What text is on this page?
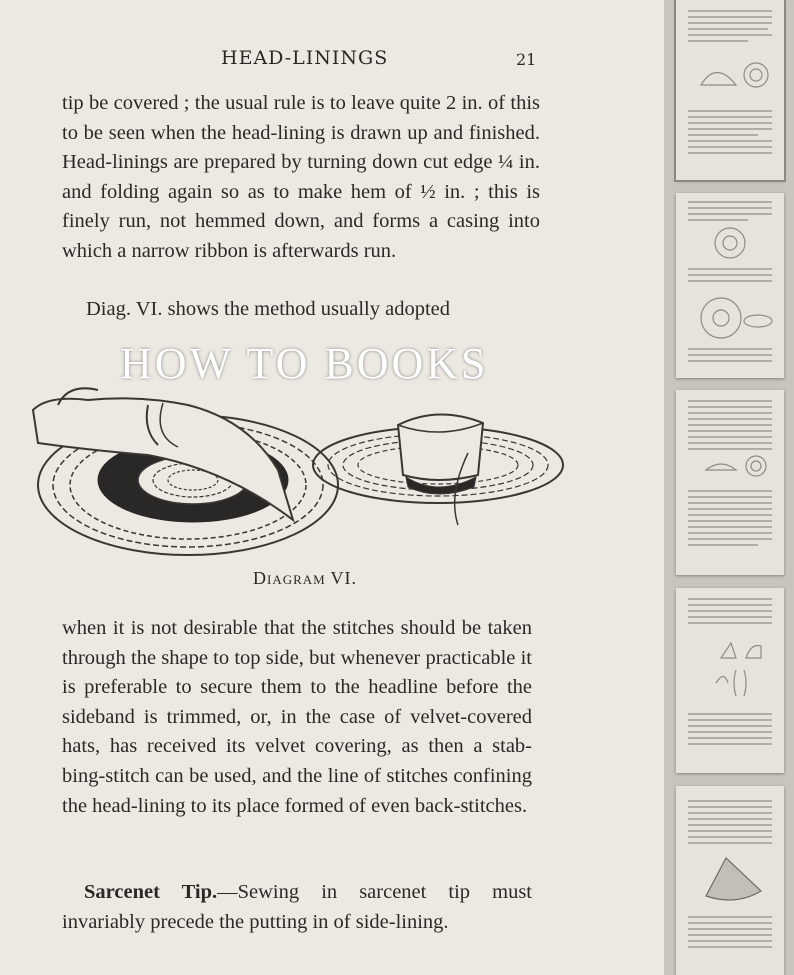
HEAD-LININGS	21

tip be covered ; the usual rule is to leave quite 2 in. of this to be seen when the head-lining is drawn up and finished. Head-linings are prepared by turning down cut edge ¼ in. and folding again so as to make hem of ½ in. ; this is finely run, not hemmed down, and forms a casing into which a narrow ribbon is afterwards run.

Diag. VI. shows the method usually adopted

Diagram VI.

when it is not desirable that the stitches should be taken through the shape to top side, but whenever practicable it is preferable to secure them to the headline before the sideband is trimmed, or, in the case of velvet-covered hats, has received its velvet covering, as then a stab-bing-stitch can be used, and the line of stitches confining the head-lining to its place formed of even back-stitches.

Sarcenet Tip.—Sewing in sarcenet tip must invariably precede the putting in of side-lining.

HOW TO BOOKS
